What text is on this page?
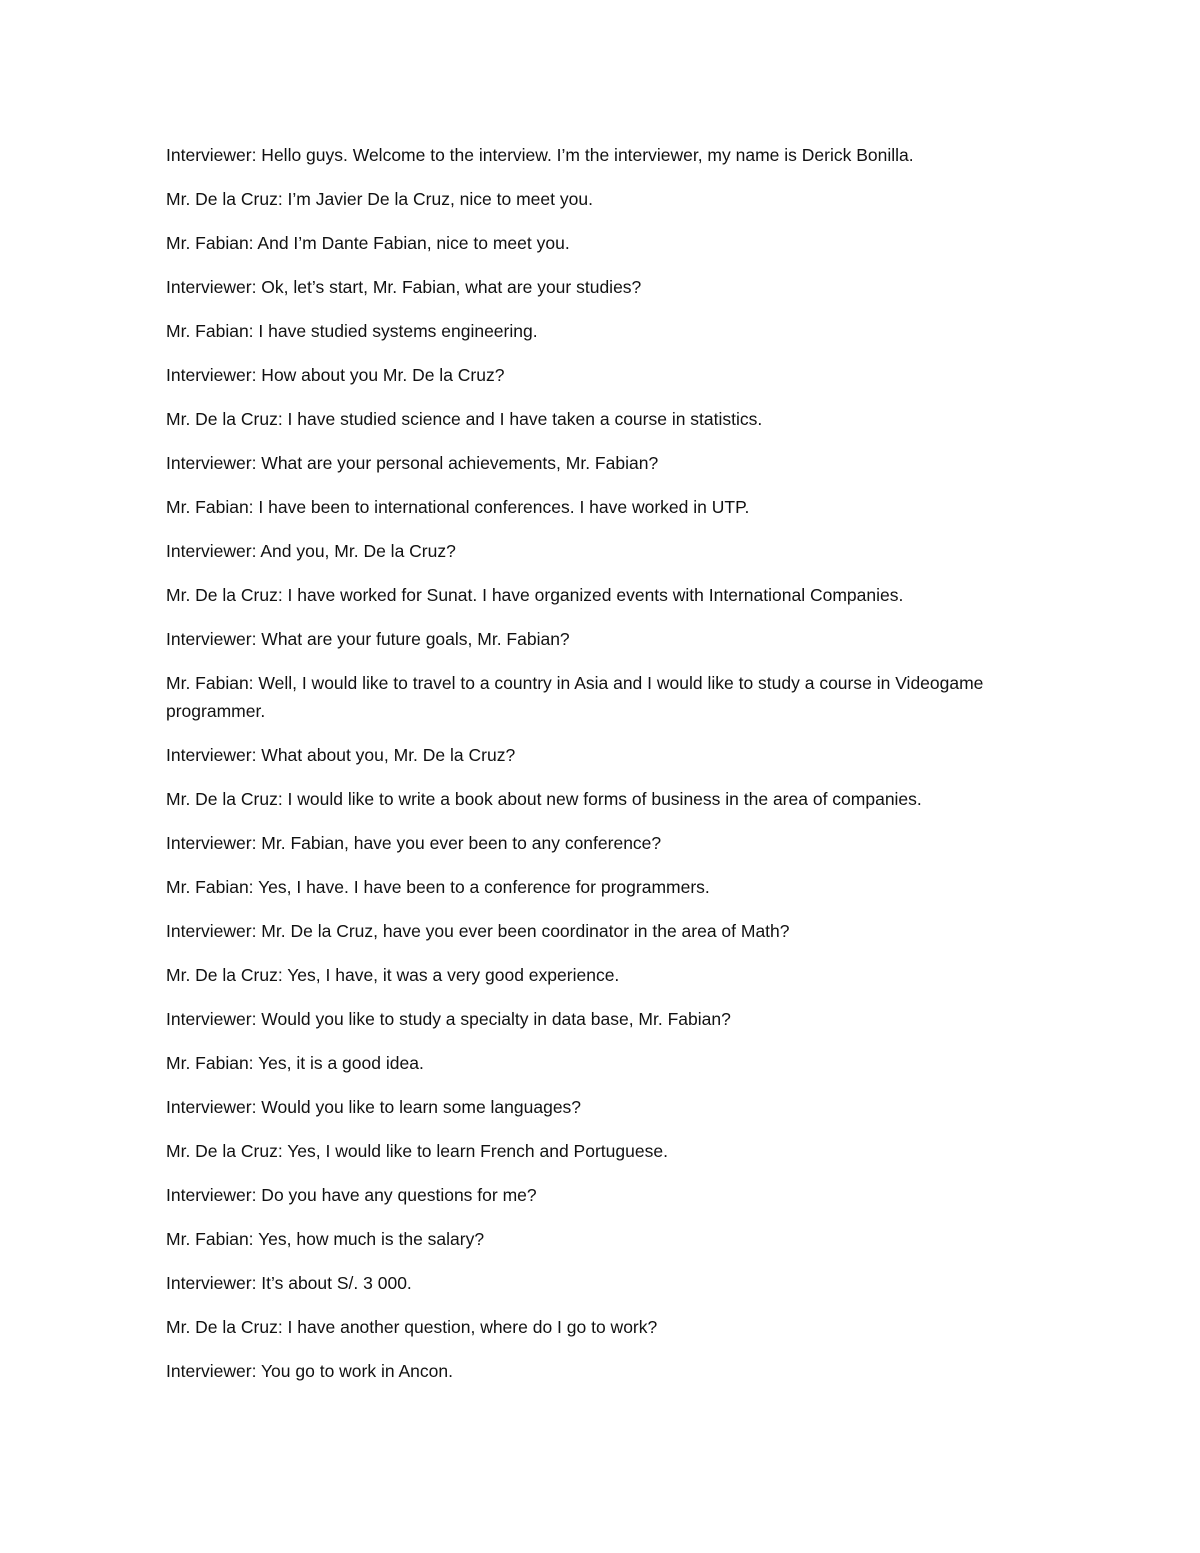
Interviewer: Hello guys. Welcome to the interview. I’m the interviewer, my name is Derick Bonilla.

Mr. De la Cruz: I’m Javier De la Cruz, nice to meet you.

Mr. Fabian: And I’m Dante Fabian, nice to meet you.

Interviewer: Ok, let’s start, Mr. Fabian, what are your studies?

Mr. Fabian: I have studied systems engineering.

Interviewer: How about you Mr. De la Cruz?

Mr. De la Cruz: I have studied science and I have taken a course in statistics.

Interviewer: What are your personal achievements, Mr. Fabian?

Mr. Fabian: I have been to international conferences. I have worked in UTP.

Interviewer: And you, Mr. De la Cruz?

Mr. De la Cruz: I have worked for Sunat. I have organized events with International Companies.

Interviewer: What are your future goals, Mr. Fabian?

Mr. Fabian: Well, I would like to travel to a country in Asia and I would like to study a course in Videogame programmer.

Interviewer: What about you, Mr. De la Cruz?

Mr. De la Cruz: I would like to write a book about new forms of business in the area of companies.

Interviewer: Mr. Fabian, have you ever been to any conference?

Mr. Fabian: Yes, I have. I have been to a conference for programmers.

Interviewer: Mr. De la Cruz, have you ever been coordinator in the area of Math?

Mr. De la Cruz: Yes, I have, it was a very good experience.

Interviewer: Would you like to study a specialty in data base, Mr. Fabian?

Mr. Fabian: Yes, it is a good idea.

Interviewer: Would you like to learn some languages?

Mr. De la Cruz: Yes, I would like to learn French and Portuguese.

Interviewer: Do you have any questions for me?

Mr. Fabian: Yes, how much is the salary?

Interviewer: It’s about S/. 3 000.

Mr. De la Cruz: I have another question, where do I go to work?

Interviewer: You go to work in Ancon.
